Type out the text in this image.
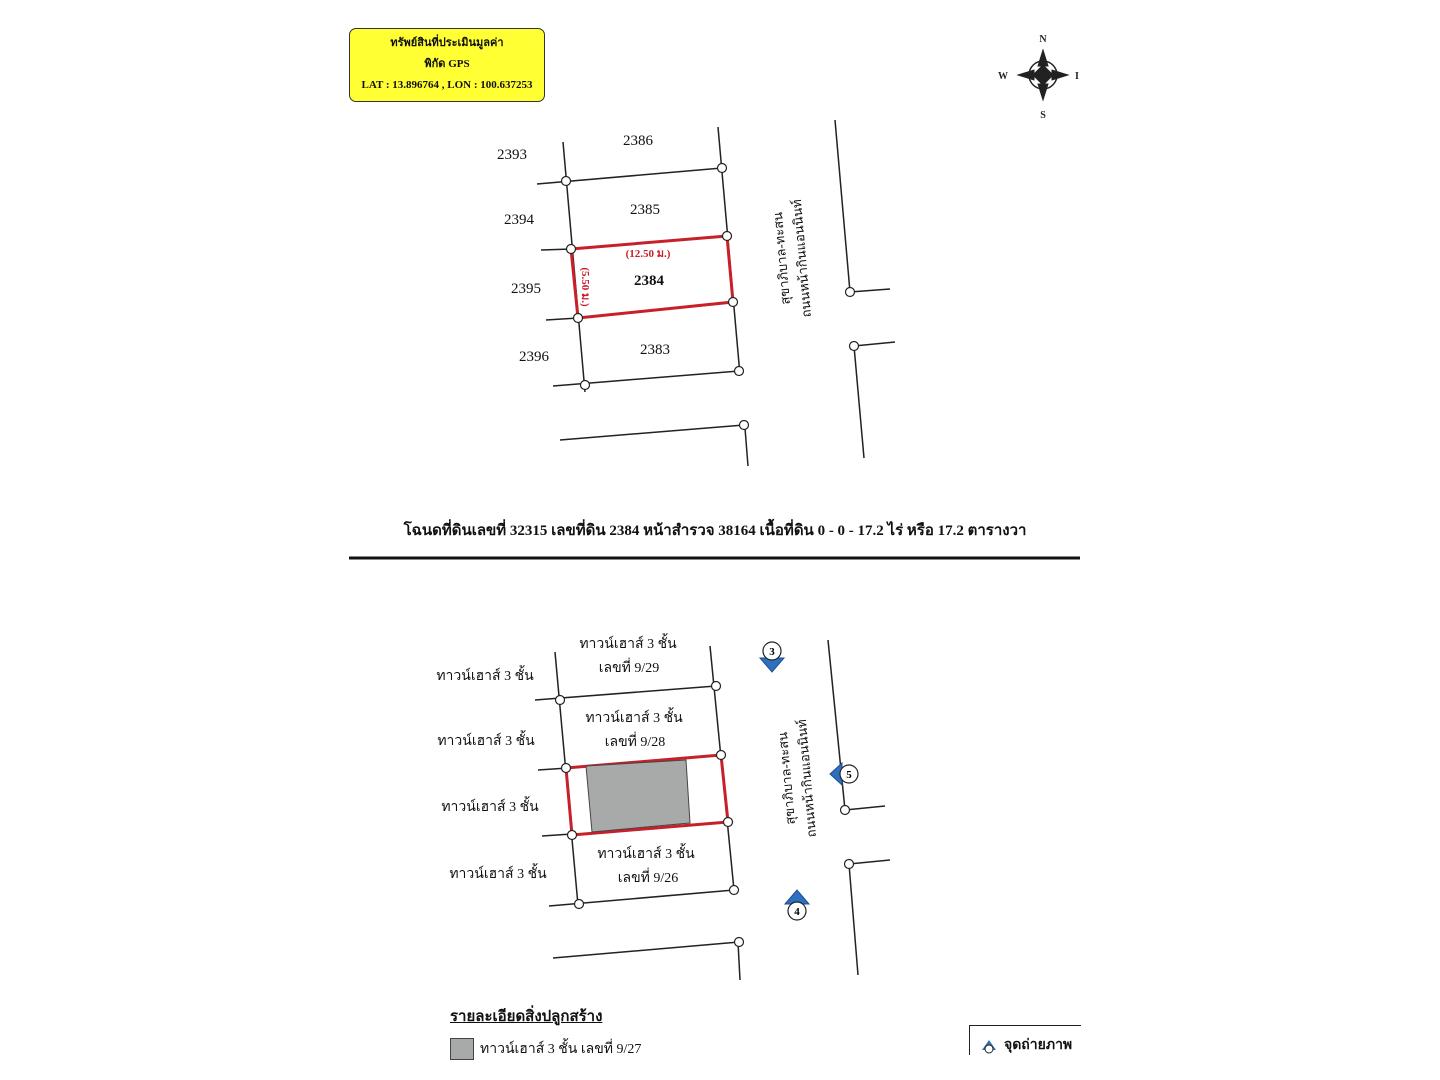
N
S
W	I
2386
2393
2385
2394
2384
2395
2383
2396
(12.50 ม.)
(5.50 ม.)	ถนนหน้ากินแอนนินท์
สุขาภิบาล-ทะสน
3
5
4
ทาวน์เฮาส์ 3 ชั้น
เลขที่ 9/29
ทาวน์เฮาส์ 3 ชั้น
ทาวน์เฮาส์ 3 ชั้น
เลขที่ 9/28
ทาวน์เฮาส์ 3 ชั้น
ทาวน์เฮาส์ 3 ชั้น
ทาวน์เฮาส์ 3 ชั้น
เลขที่ 9/26
ทาวน์เฮาส์ 3 ชั้น
ถนนหน้ากินแอนนินท์
สุขาภิบาล-ทะสน
ทรัพย์สินที่ประเมินมูลค่า
พิกัด GPS
LAT : 13.896764 , LON : 100.637253
โฉนดที่ดินเลขที่ 32315 เลขที่ดิน 2384 หน้าสำรวจ 38164 เนื้อที่ดิน 0 - 0 - 17.2 ไร่ หรือ 17.2 ตารางวา
รายละเอียดสิ่งปลูกสร้าง
ทาวน์เฮาส์ 3 ชั้น เลขที่ 9/27	จุดถ่ายภาพ
